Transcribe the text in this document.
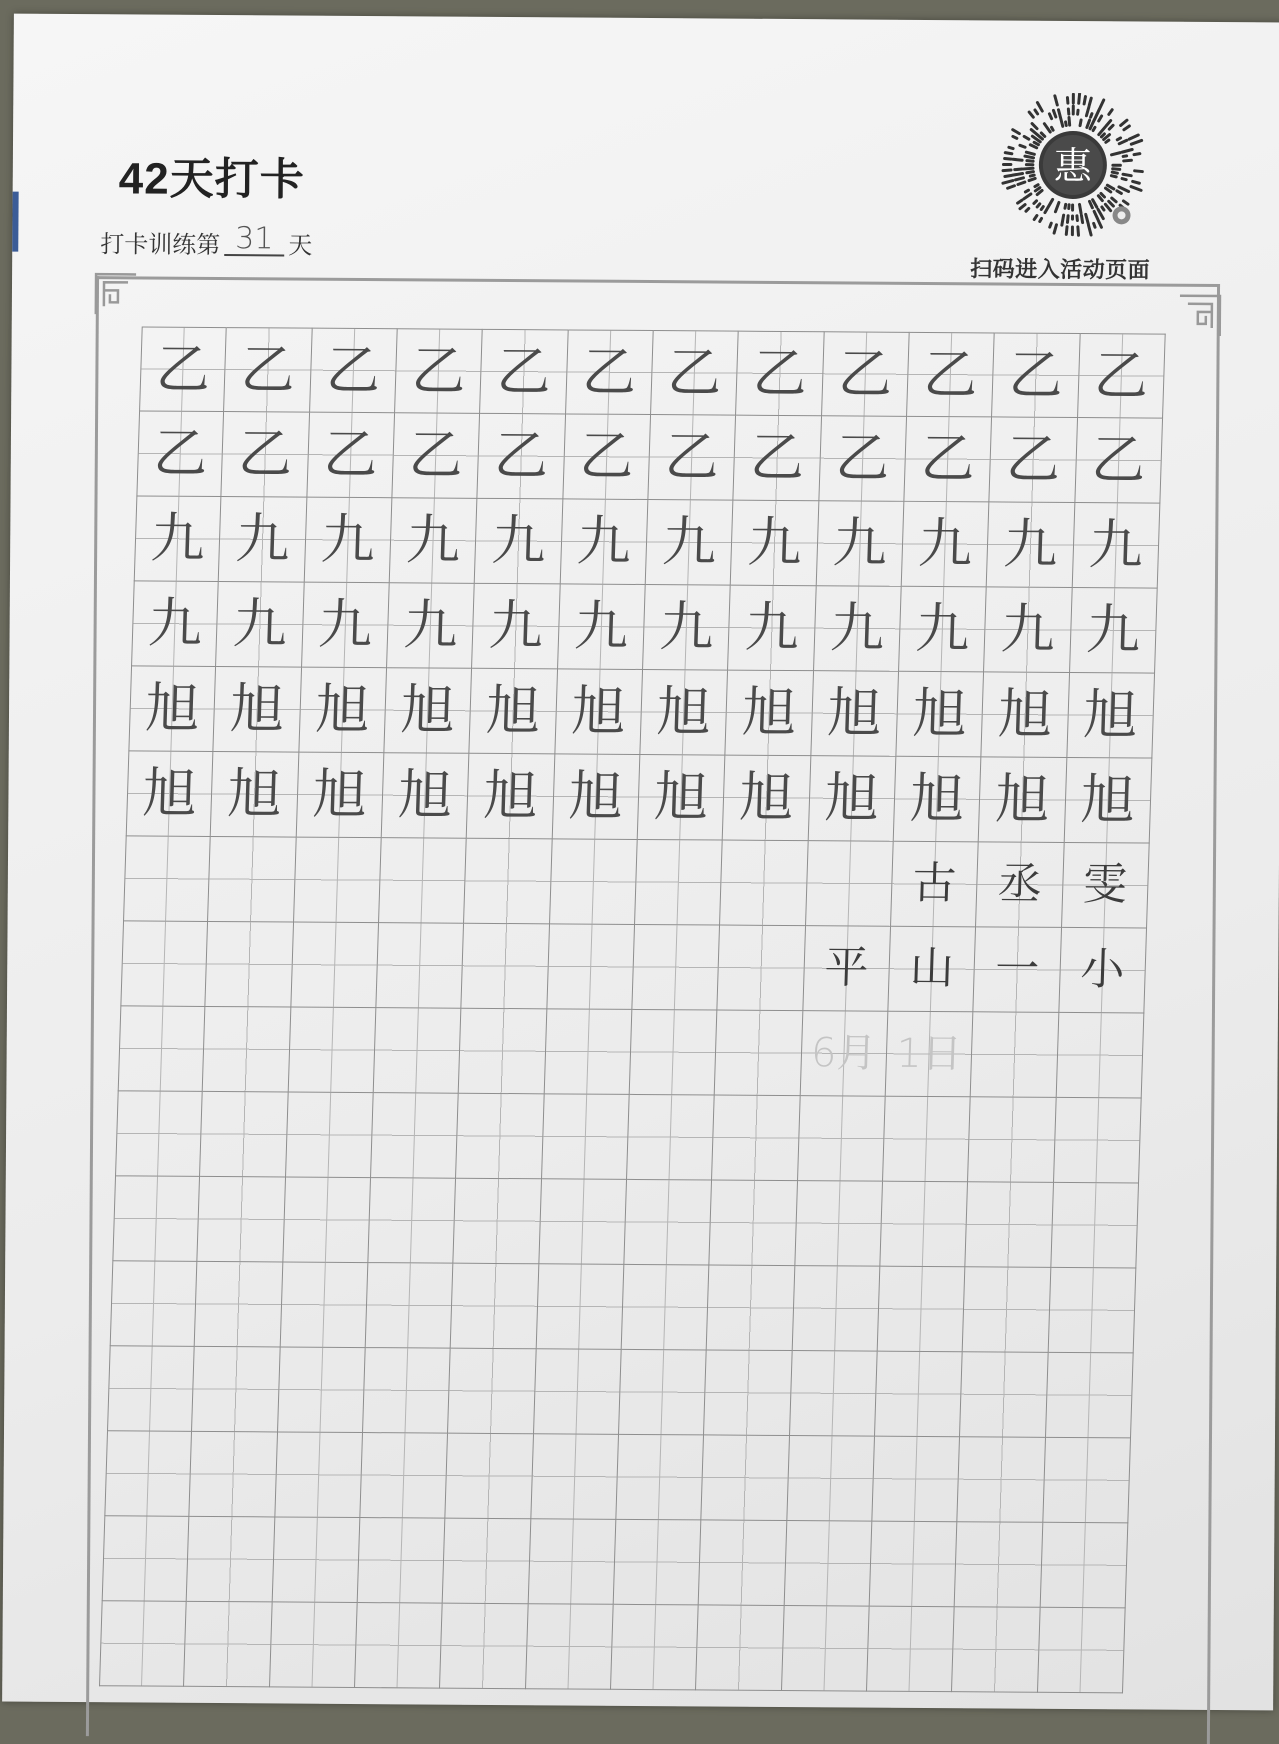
42天打卡
打卡训练第 31 天
惠
扫码进入活动页面
乙 乙 乙 乙 乙 乙 乙 乙 乙 乙 乙 乙
乙 乙 乙 乙 乙 乙 乙 乙 乙 乙 乙 乙
九 九 九 九 九 九 九 九 九 九 九 九
九 九 九 九 九 九 九 九 九 九 九 九
旭 旭 旭 旭 旭 旭 旭 旭 旭 旭 旭 旭
旭 旭 旭 旭 旭 旭 旭 旭 旭 旭 旭 旭
古 丞 雯
平 山 一 小
6月 1日
